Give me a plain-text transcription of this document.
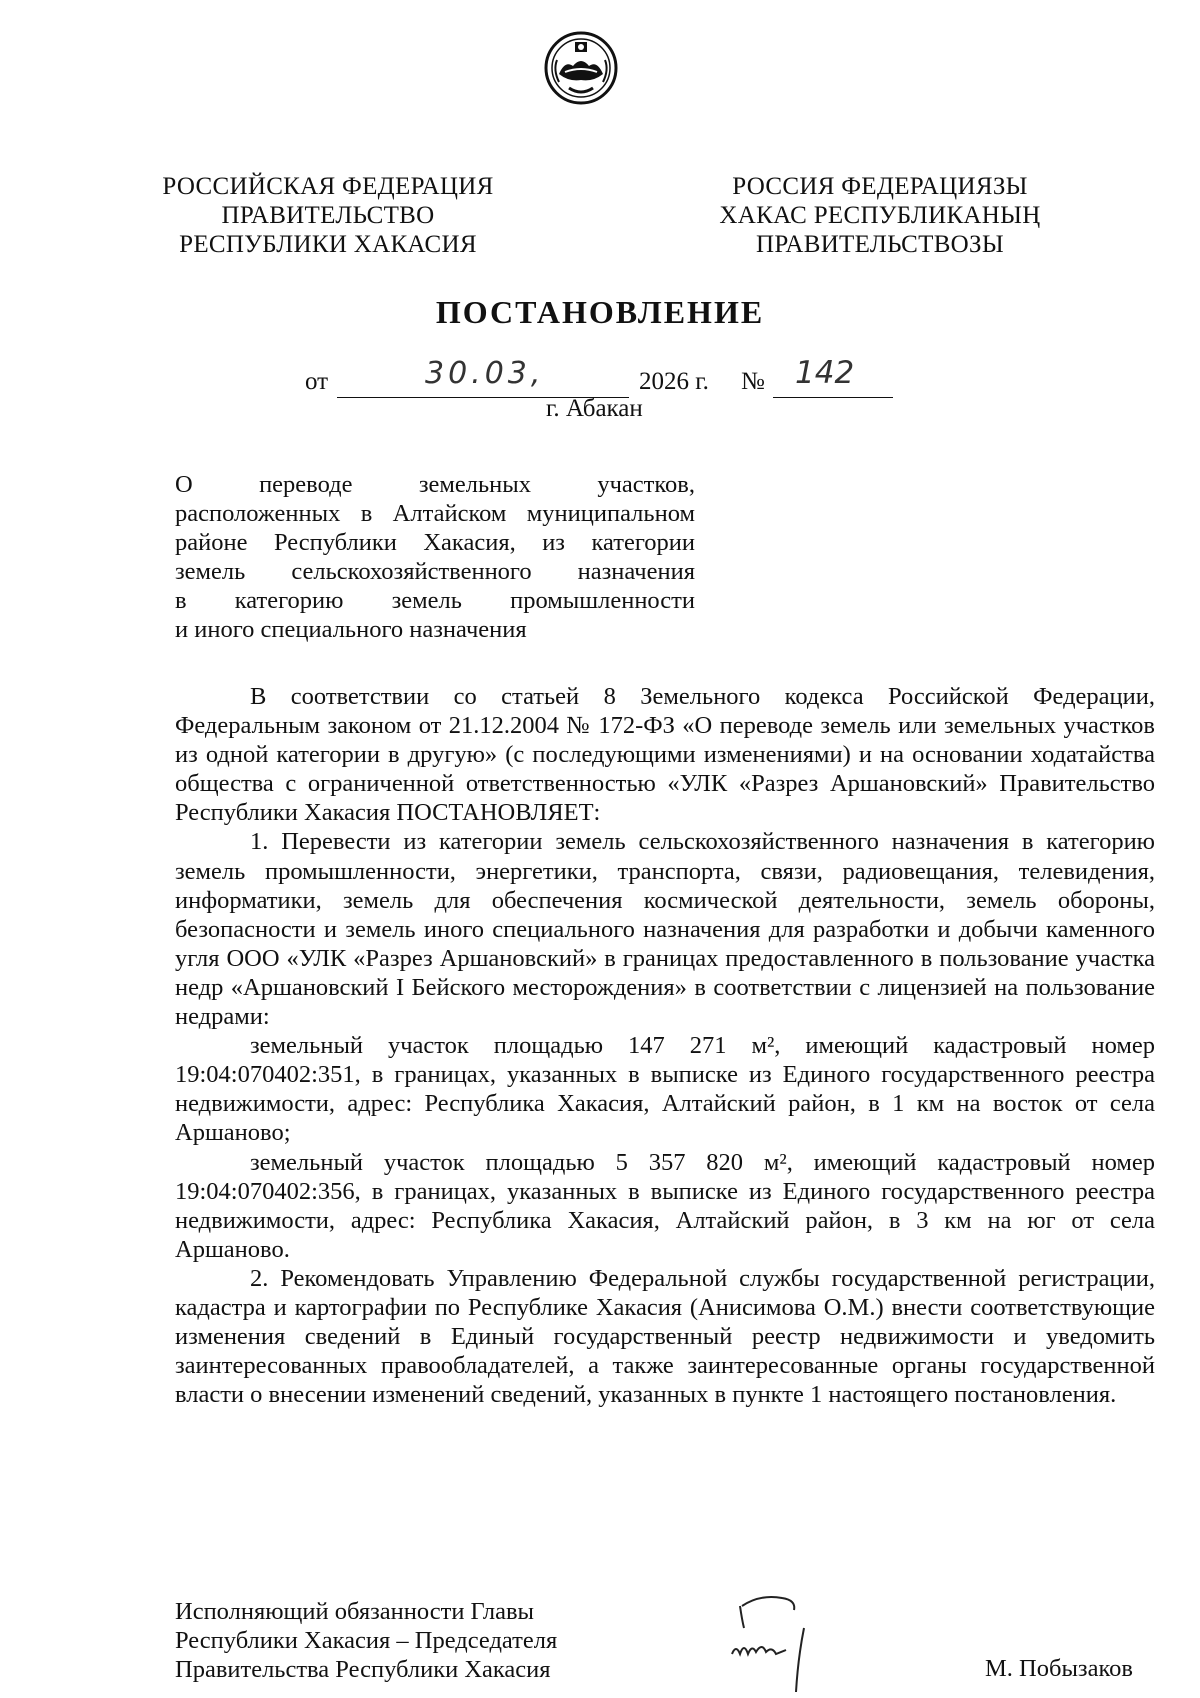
РОССИЙСКАЯ ФЕДЕРАЦИЯ
ПРАВИТЕЛЬСТВО
РЕСПУБЛИКИ ХАКАСИЯ
РОССИЯ ФЕДЕРАЦИЯЗЫ
ХАКАС РЕСПУБЛИКАНЫҢ
ПРАВИТЕЛЬСТВОЗЫ
ПОСТАНОВЛЕНИЕ
от	30.03,	2026 г. № 142
г. Абакан
О переводе земельных участков,
расположенных в Алтайском муниципальном
районе Республики Хакасия, из категории
земель сельскохозяйственного назначения
в категорию земель промышленности
и иного специального назначения

В соответствии со статьей 8 Земельного кодекса Российской Федерации, Федеральным законом от 21.12.2004 № 172-ФЗ «О переводе земель или земельных участков из одной категории в другую» (с последующими изменениями) и на основании ходатайства общества с ограниченной ответственностью «УЛК «Разрез Аршановский» Правительство Республики Хакасия ПОСТАНОВЛЯЕТ:

1. Перевести из категории земель сельскохозяйственного назначения в категорию земель промышленности, энергетики, транспорта, связи, радиовещания, телевидения, информатики, земель для обеспечения космической деятельности, земель обороны, безопасности и земель иного специального назначения для разработки и добычи каменного угля ООО «УЛК «Разрез Аршановский» в границах предоставленного в пользование участка недр «Аршановский I Бейского месторождения» в соответствии с лицензией на пользование недрами:

земельный участок площадью 147 271 м², имеющий кадастровый номер 19:04:070402:351, в границах, указанных в выписке из Единого государственного реестра недвижимости, адрес: Республика Хакасия, Алтайский район, в 1 км на восток от села Аршаново;

земельный участок площадью 5 357 820 м², имеющий кадастровый номер 19:04:070402:356, в границах, указанных в выписке из Единого государственного реестра недвижимости, адрес: Республика Хакасия, Алтайский район, в 3 км на юг от села Аршаново.

2. Рекомендовать Управлению Федеральной службы государственной регистрации, кадастра и картографии по Республике Хакасия (Анисимова О.М.) внести соответствующие изменения сведений в Единый государственный реестр недвижимости и уведомить заинтересованных правообладателей, а также заинтересованные органы государственной власти о внесении изменений сведений, указанных в пункте 1 настоящего постановления.

Исполняющий обязанности Главы
Республики Хакасия – Председателя
Правительства Республики Хакасия	М. Побызаков
